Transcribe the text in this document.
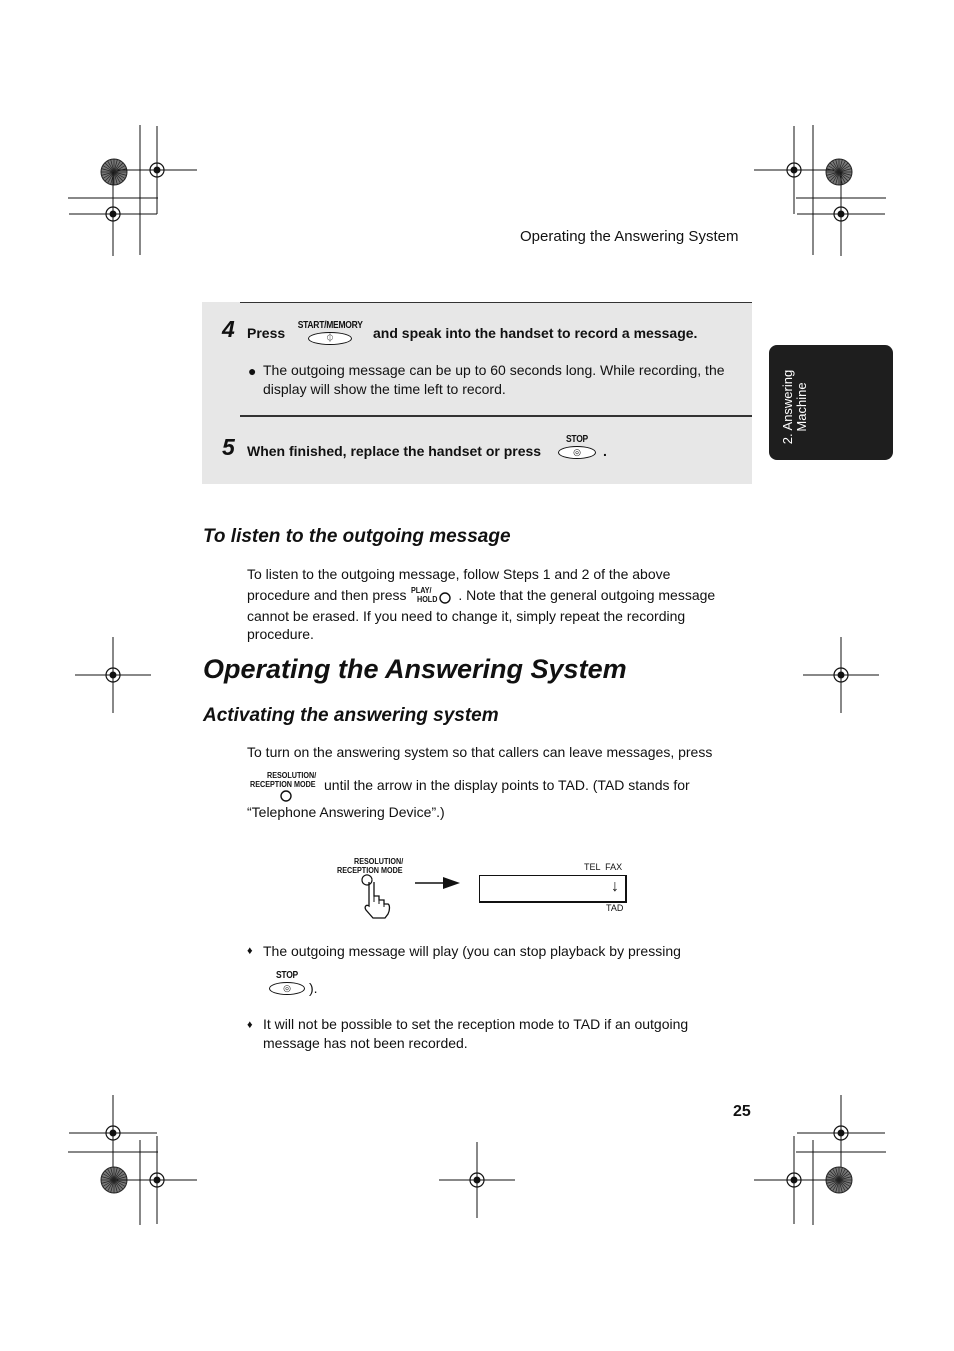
Operating the Answering System
2. Answering Machine
4 Press START/MEMORY
⏀	and speak into the handset to record a message.
● The outgoing message can be up to 60 seconds long. While recording, the display will show the time left to record.
5 When finished, replace the handset or press
STOP
◎	.
To listen to the outgoing message
To listen to the outgoing message, follow Steps 1 and 2 of the above
procedure and then press PLAY/
HOLD . Note that the general outgoing message
cannot be erased. If you need to change it, simply repeat the recording
procedure.
Operating the Answering System
Activating the answering system
To turn on the answering system so that callers can leave messages, press
RESOLUTION/
RECEPTION MODE until the arrow in the display points to TAD. (TAD stands for
“Telephone Answering Device”.)
RESOLUTION/
RECEPTION MODE	TEL  FAX
↓
TAD
♦ The outgoing message will play (you can stop playback by pressing
STOP
◎	).
♦ It will not be possible to set the reception mode to TAD if an outgoing
message has not been recorded.
25
